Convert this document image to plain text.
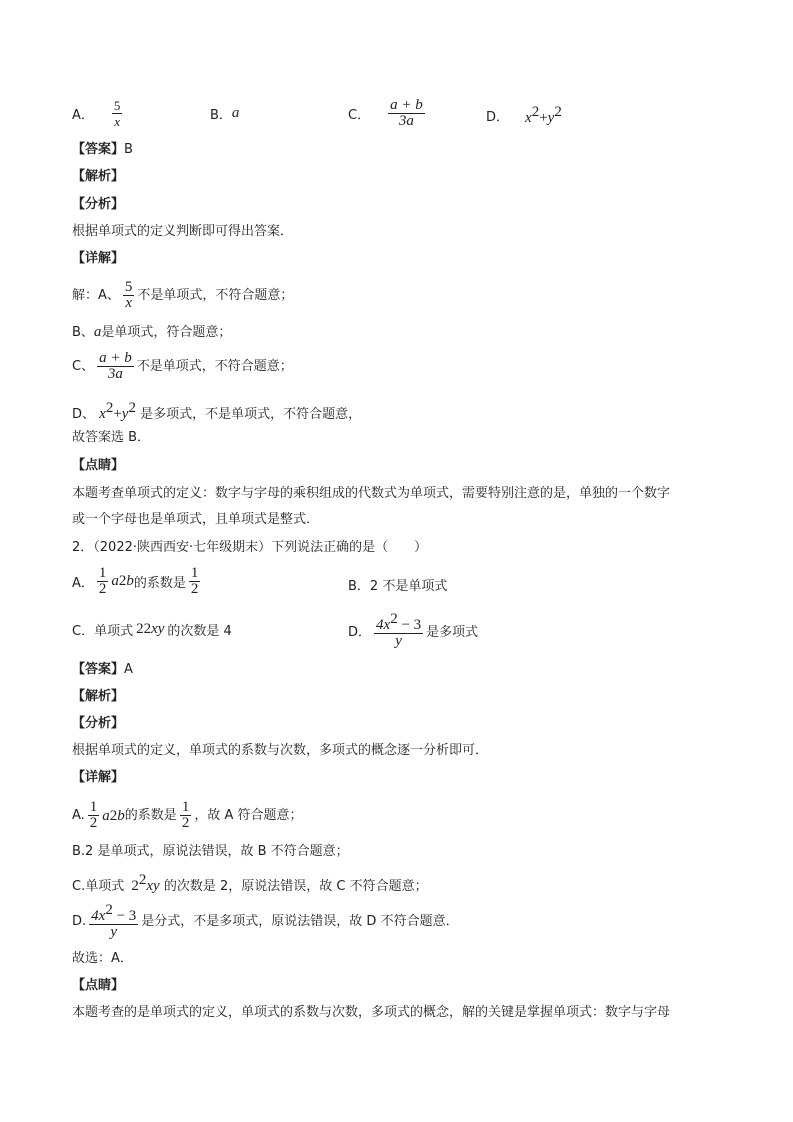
A． $\frac{5}{x}$	B． a	C． $\frac{a + b}{3a}$	D． $x^2+y^2$
【答案】B
【解析】
【分析】
根据单项式的定义判断即可得出答案．
【详解】
解：A、 $\frac{5}{x}$ 不是单项式，不符合题意；
B、a是单项式，符合题意；
C、 $\frac{a + b}{3a}$ 不是单项式，不符合题意；
D、 $x^2+y^2$ 是多项式，不是单项式，不符合题意，
故答案选 B．
【点睛】
本题考查单项式的定义：数字与字母的乘积组成的代数式为单项式，需要特别注意的是，单独的一个数字
或一个字母也是单项式，且单项式是整式．
2．（2022·陕西西安·七年级期末）下列说法正确的是（　　）
A． $\frac{1}{2}$ a 2 b 的系数是 $\frac{1}{2}$	B． 2 不是单项式
C． 单项式 2 2 xy 的次数是 4	D． $\frac{4x^2 - 3}{y}$ 是多项式
【答案】A
【解析】
【分析】
根据单项式的定义，单项式的系数与次数，多项式的概念逐一分析即可．
【详解】
A. $\frac{1}{2}$ a 2 b 的系数是 $\frac{1}{2}$ ，故 A 符合题意；
B.2 是单项式，原说法错误，故 B 不符合题意；
C.单项式 $2^2xy$ 的次数是 2，原说法错误，故 C 不符合题意；
D. $\frac{4x^2 - 3}{y}$ 是分式，不是多项式，原说法错误，故 D 不符合题意．
故选：A．
【点睛】
本题考查的是单项式的定义，单项式的系数与次数，多项式的概念，解的关键是掌握单项式：数字与字母
